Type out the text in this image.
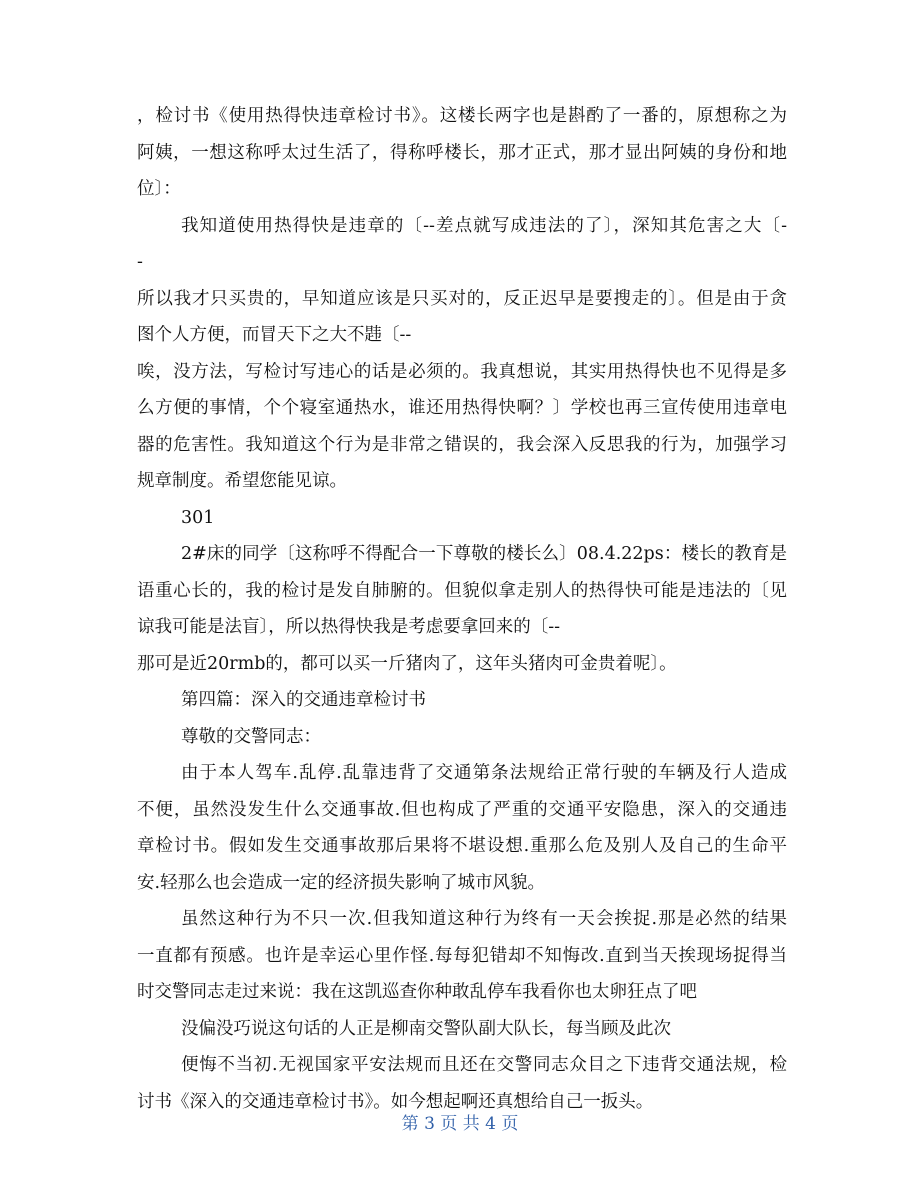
，检讨书《使用热得快违章检讨书》。这楼长两字也是斟酌了一番的，原想称之为
阿姨，一想这称呼太过生活了，得称呼楼长，那才正式，那才显出阿姨的身份和地
位〕：
我知道使用热得快是违章的〔--差点就写成违法的了〕，深知其危害之大〔-
-
所以我才只买贵的，早知道应该是只买对的，反正迟早是要搜走的〕。但是由于贪
图个人方便，而冒天下之大不韪〔--
唉，没方法，写检讨写违心的话是必须的。我真想说，其实用热得快也不见得是多
么方便的事情，个个寝室通热水，谁还用热得快啊？〕学校也再三宣传使用违章电
器的危害性。我知道这个行为是非常之错误的，我会深入反思我的行为，加强学习
规章制度。希望您能见谅。
301
2#床的同学〔这称呼不得配合一下尊敬的楼长么〕08.4.22ps：楼长的教育是
语重心长的，我的检讨是发自肺腑的。但貌似拿走别人的热得快可能是违法的〔见
谅我可能是法盲〕，所以热得快我是考虑要拿回来的〔--
那可是近20rmb的，都可以买一斤猪肉了，这年头猪肉可金贵着呢〕。
第四篇：深入的交通违章检讨书
尊敬的交警同志：
由于本人驾车.乱停.乱靠违背了交通第条法规给正常行驶的车辆及行人造成
不便，虽然没发生什么交通事故.但也构成了严重的交通平安隐患，深入的交通违
章检讨书。假如发生交通事故那后果将不堪设想.重那么危及别人及自己的生命平
安.轻那么也会造成一定的经济损失影响了城市风貌。
虽然这种行为不只一次.但我知道这种行为终有一天会挨捉.那是必然的结果
一直都有预感。也许是幸运心里作怪.每每犯错却不知悔改.直到当天挨现场捉得当
时交警同志走过来说：我在这凯巡查你种敢乱停车我看你也太卵狂点了吧
没偏没巧说这句话的人正是柳南交警队副大队长，每当顾及此次
便悔不当初.无视国家平安法规而且还在交警同志众目之下违背交通法规，检
讨书《深入的交通违章检讨书》。如今想起啊还真想给自己一扳头。
第 3 页 共 4 页
